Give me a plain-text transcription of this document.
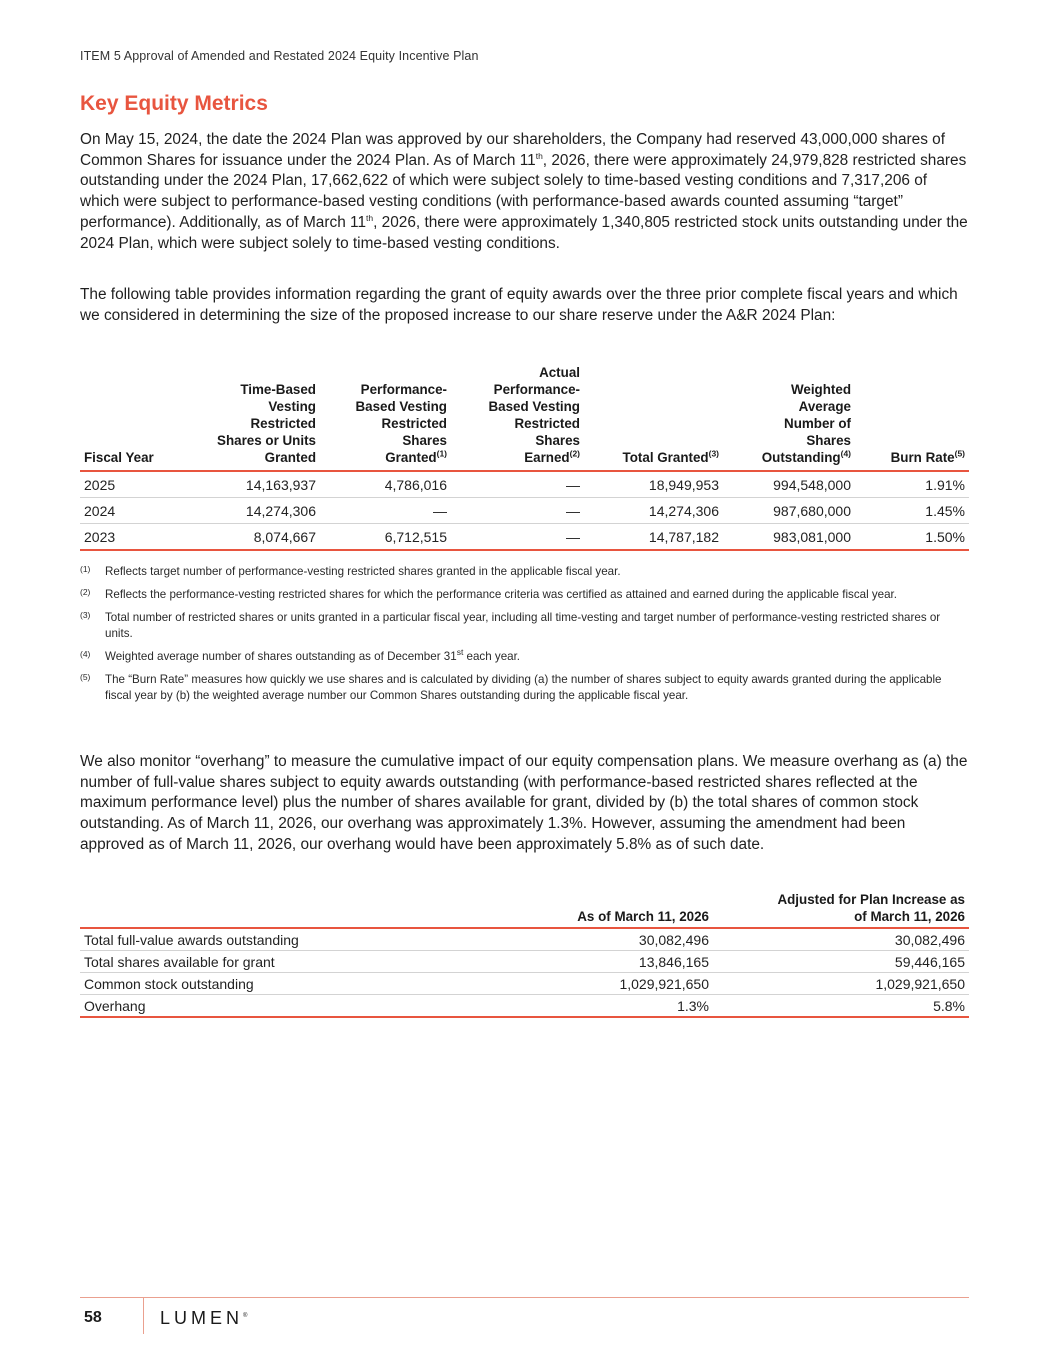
ITEM 5 Approval of Amended and Restated 2024 Equity Incentive Plan
Key Equity Metrics

On May 15, 2024, the date the 2024 Plan was approved by our shareholders, the Company had reserved 43,000,000 shares of Common Shares for issuance under the 2024 Plan. As of March 11th, 2026, there were approximately 24,979,828 restricted shares outstanding under the 2024 Plan, 17,662,622 of which were subject solely to time-based vesting conditions and 7,317,206 of which were subject to performance-based vesting conditions (with performance-based awards counted assuming “target” performance). Additionally, as of March 11th, 2026, there were approximately 1,340,805 restricted stock units outstanding under the 2024 Plan, which were subject solely to time-based vesting conditions.

The following table provides information regarding the grant of equity awards over the three prior complete fiscal years and which we considered in determining the size of the proposed increase to our share reserve under the A&R 2024 Plan:

Fiscal Year	Time-Based
Vesting
Restricted
Shares or Units
Granted	Performance-
Based Vesting
Restricted
Shares
Granted$^{(1)}$	Actual
Performance-
Based Vesting
Restricted
Shares
Earned$^{(2)}$	Total Granted$^{(3)}$	Weighted
Average
Number of
Shares
Outstanding$^{(4)}$	Burn Rate$^{(5)}$
2025	14,163,937	4,786,016	—	18,949,953	994,548,000	1.91%
2024	14,274,306	—	—	14,274,306	987,680,000	1.45%
2023	8,074,667	6,712,515	—	14,787,182	983,081,000	1.50%
(1) Reflects target number of performance-vesting restricted shares granted in the applicable fiscal year.
(2) Reflects the performance-vesting restricted shares for which the performance criteria was certified as attained and earned during the applicable fiscal year.
(3) Total number of restricted shares or units granted in a particular fiscal year, including all time-vesting and target number of performance-vesting restricted shares or units.
(4) Weighted average number of shares outstanding as of December 31st each year.
(5) The “Burn Rate” measures how quickly we use shares and is calculated by dividing (a) the number of shares subject to equity awards granted during the applicable fiscal year by (b) the weighted average number our Common Shares outstanding during the applicable fiscal year.

We also monitor “overhang” to measure the cumulative impact of our equity compensation plans. We measure overhang as (a) the number of full-value shares subject to equity awards outstanding (with performance-based restricted shares reflected at the maximum performance level) plus the number of shares available for grant, divided by (b) the total shares of common stock outstanding. As of March 11, 2026, our overhang was approximately 1.3%. However, assuming the amendment had been approved as of March 11, 2026, our overhang would have been approximately 5.8% as of such date.

	As of March 11, 2026	Adjusted for Plan Increase as of March 11, 2026
Total full-value awards outstanding	30,082,496	30,082,496
Total shares available for grant	13,846,165	59,446,165
Common stock outstanding	1,029,921,650	1,029,921,650
Overhang	1.3%	5.8%
58	LUMEN®
